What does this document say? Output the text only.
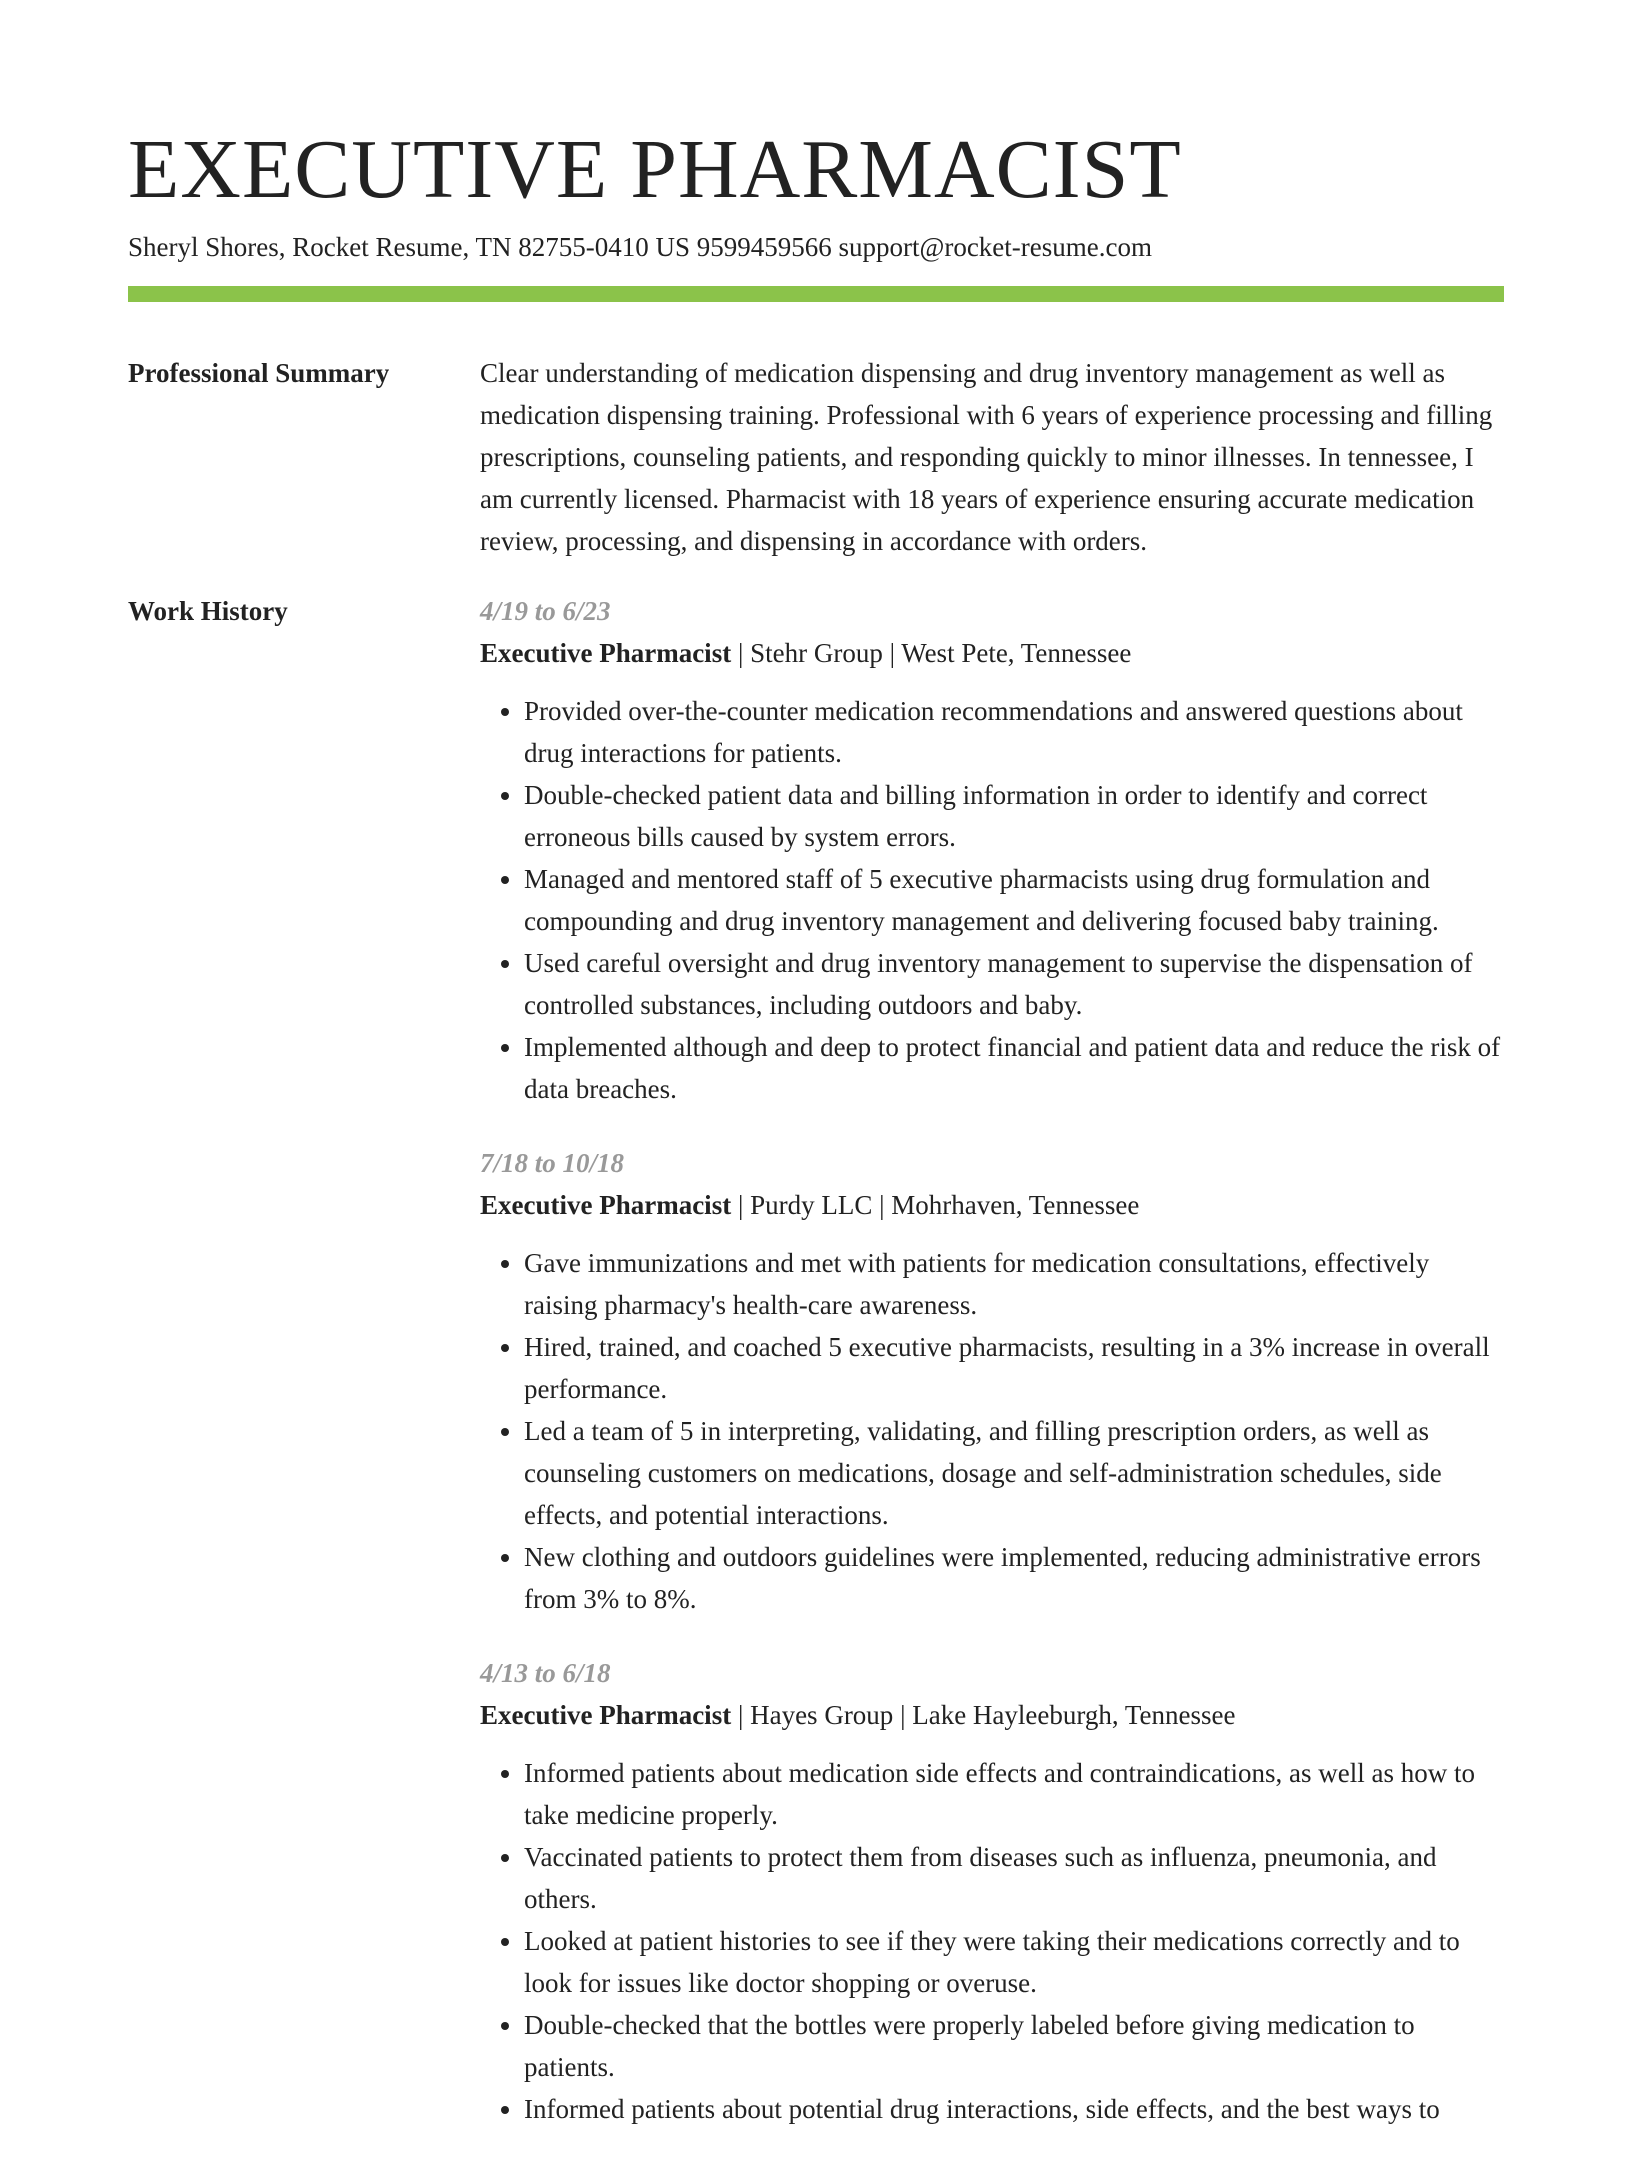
EXECUTIVE PHARMACIST
Sheryl Shores, Rocket Resume, TN 82755-0410 US 9599459566 support@rocket-resume.com
Professional Summary	Clear understanding of medication dispensing and drug inventory management as well as medication dispensing training. Professional with 6 years of experience processing and filling prescriptions, counseling patients, and responding quickly to minor illnesses. In tennessee, I am currently licensed. Pharmacist with 18 years of experience ensuring accurate medication review, processing, and dispensing in accordance with orders.
Work History	4/19 to 6/23
Executive Pharmacist | Stehr Group | West Pete, Tennessee
• Provided over-the-counter medication recommendations and answered questions about drug interactions for patients.
• Double-checked patient data and billing information in order to identify and correct erroneous bills caused by system errors.
• Managed and mentored staff of 5 executive pharmacists using drug formulation and compounding and drug inventory management and delivering focused baby training.
• Used careful oversight and drug inventory management to supervise the dispensation of controlled substances, including outdoors and baby.
• Implemented although and deep to protect financial and patient data and reduce the risk of data breaches.
7/18 to 10/18
Executive Pharmacist | Purdy LLC | Mohrhaven, Tennessee
• Gave immunizations and met with patients for medication consultations, effectively raising pharmacy's health-care awareness.
• Hired, trained, and coached 5 executive pharmacists, resulting in a 3% increase in overall performance.
• Led a team of 5 in interpreting, validating, and filling prescription orders, as well as counseling customers on medications, dosage and self-administration schedules, side effects, and potential interactions.
• New clothing and outdoors guidelines were implemented, reducing administrative errors from 3% to 8%.
4/13 to 6/18
Executive Pharmacist | Hayes Group | Lake Hayleeburgh, Tennessee
• Informed patients about medication side effects and contraindications, as well as how to take medicine properly.
• Vaccinated patients to protect them from diseases such as influenza, pneumonia, and others.
• Looked at patient histories to see if they were taking their medications correctly and to look for issues like doctor shopping or overuse.
• Double-checked that the bottles were properly labeled before giving medication to patients.
• Informed patients about potential drug interactions, side effects, and the best ways to
